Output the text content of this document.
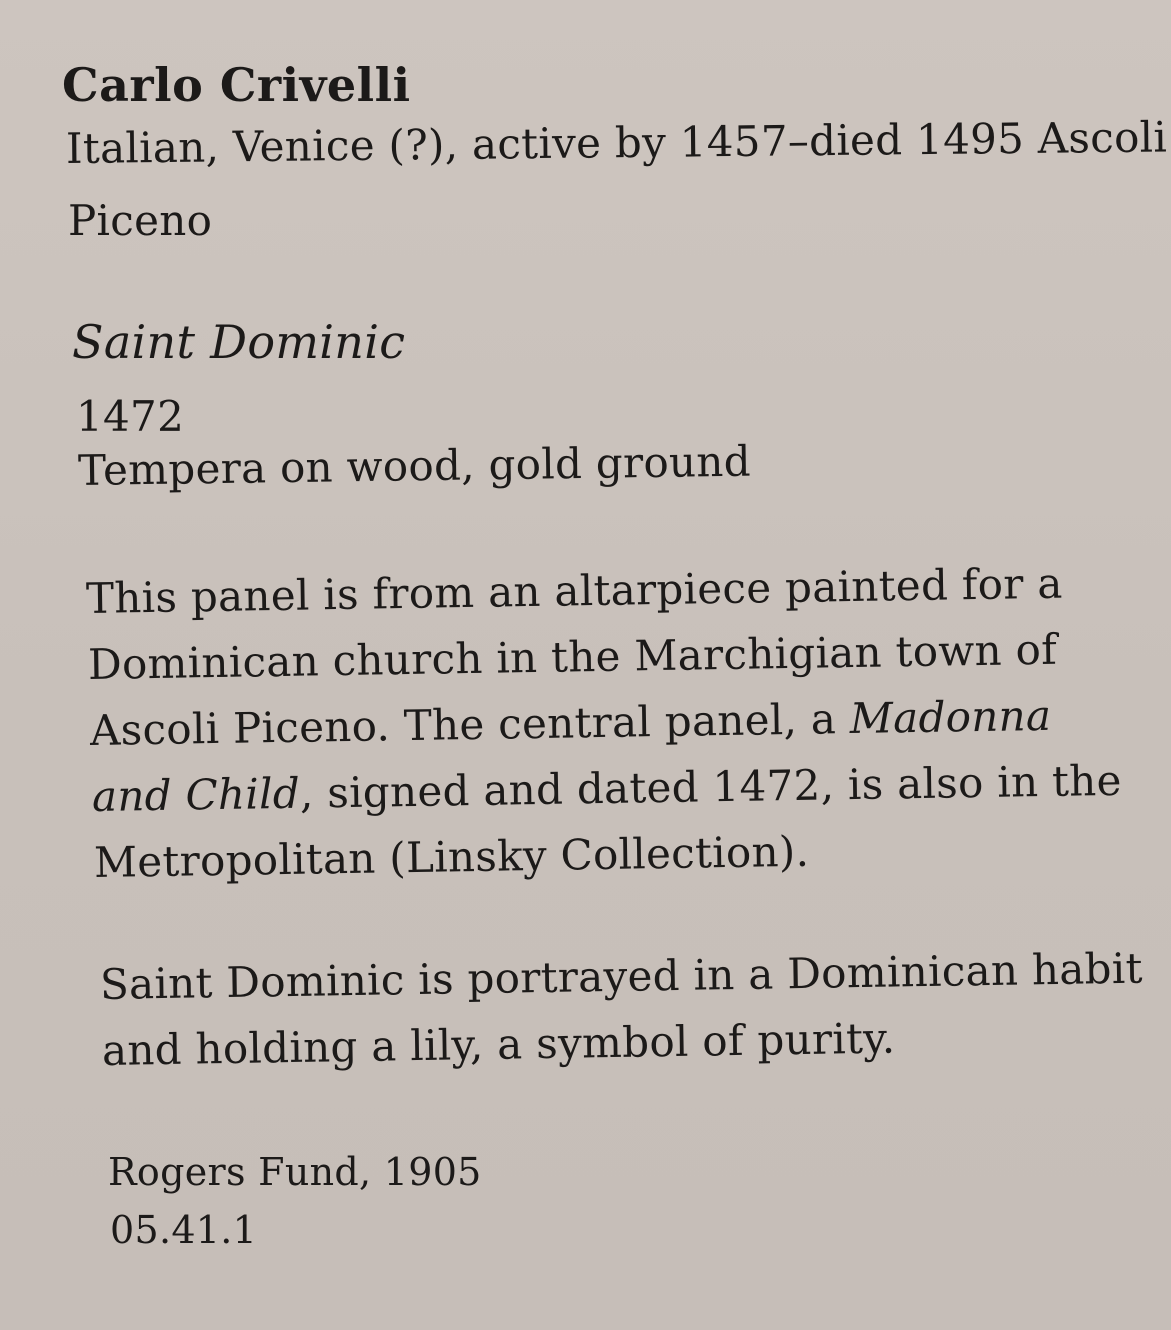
Carlo Crivelli

Italian, Venice (?), active by 1457–died 1495 Ascoli

Piceno

Saint Dominic

1472

Tempera on wood, gold ground

This panel is from an altarpiece painted for a

Dominican church in the Marchigian town of

Ascoli Piceno. The central panel, a Madonna

and Child, signed and dated 1472, is also in the

Metropolitan (Linsky Collection).

Saint Dominic is portrayed in a Dominican habit

and holding a lily, a symbol of purity.

Rogers Fund, 1905

05.41.1
